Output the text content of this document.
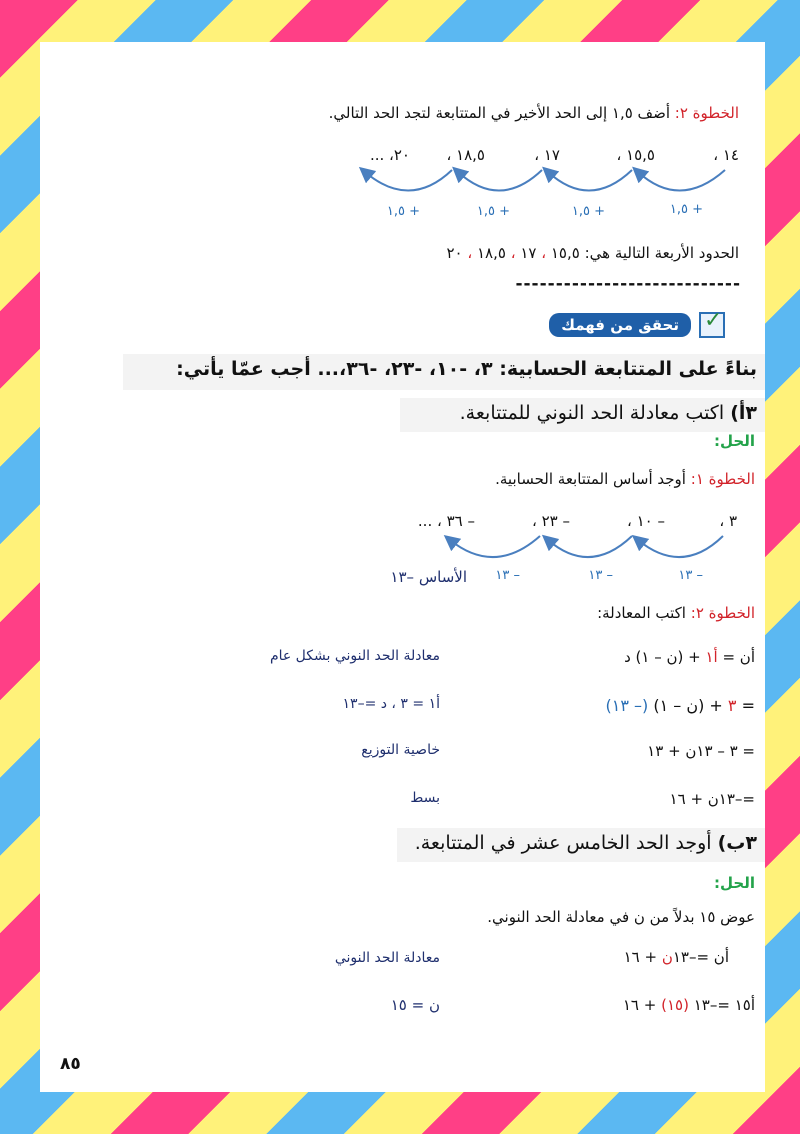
الخطوة ٢: أضف ١,٥ إلى الحد الأخير في المتتابعة لتجد الحد التالي.
١٤ ،
١٥,٥ ،
١٧ ،
١٨,٥ ،
٢٠، ...
+ ١,٥
+ ١,٥
+ ١,٥
+ ١,٥
الحدود الأربعة التالية هي: ١٥,٥ ، ١٧ ، ١٨,٥ ، ٢٠
----------------------------
✓
تحقق من فهمك
بناءً على المتتابعة الحسابية: ٣، -١٠، -٢٣، -٣٦،... أجب عمّا يأتي:
٣أ) اكتب معادلة الحد النوني للمتتابعة.
الحل:
الخطوة ١: أوجد أساس المتتابعة الحسابية.
٣ ،
– ١٠ ،
– ٢٣ ،
– ٣٦ ، ...
– ١٣
– ١٣
– ١٣
الأساس –١٣
الخطوة ٢: اكتب المعادلة:
أن = أ١ + (ن – ١) د
معادلة الحد النوني بشكل عام
= ٣ + (ن – ١) (– ١٣)
أ١ = ٣ ، د =–١٣
= ٣ – ١٣ن + ١٣
خاصية التوزيع
=–١٣ن + ١٦
بسط
٣ب) أوجد الحد الخامس عشر في المتتابعة.
الحل:
عوض ١٥ بدلاً من ن في معادلة الحد النوني.
أن =–١٣ن + ١٦
معادلة الحد النوني
أ١٥ =–١٣ (١٥) + ١٦
ن = ١٥
٨٥
